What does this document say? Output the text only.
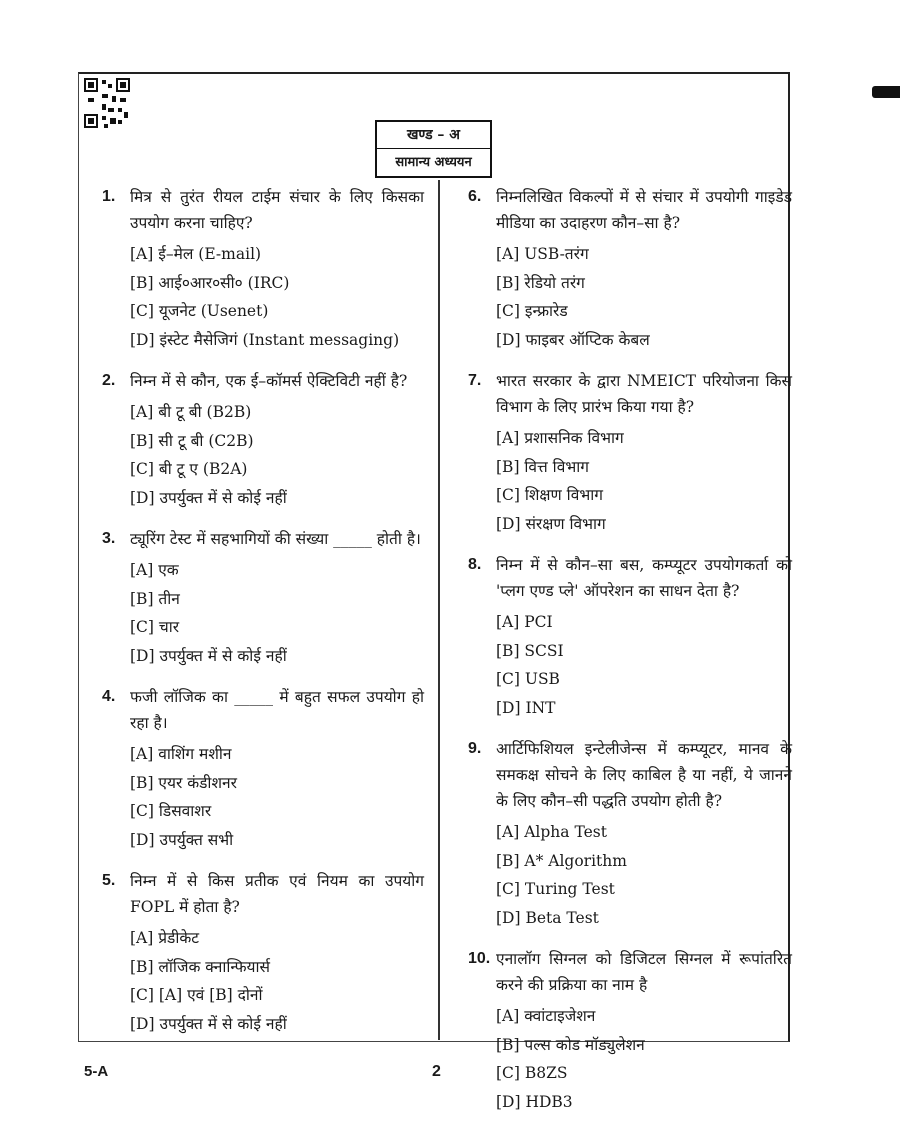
खण्ड – अ
सामान्य अध्ययन
1. मित्र से तुरंत रीयल टाईम संचार के लिए किसका उपयोग करना चाहिए?
[A] ई–मेल (E-mail)
[B] आई०आर०सी० (IRC)
[C] यूजनेट (Usenet)
[D] इंस्टेट मैसेजिगं (Instant messaging)
2. निम्न में से कौन, एक ई–कॉमर्स ऐक्टिविटी नहीं है?
[A] बी टू बी (B2B)
[B] सी टू बी (C2B)
[C] बी टू ए (B2A)
[D] उपर्युक्त में से कोई नहीं
3. ट्यूरिंग टेस्ट में सहभागियों की संख्या _____ होती है।
[A] एक
[B] तीन
[C] चार
[D] उपर्युक्त में से कोई नहीं
4. फजी लॉजिक का _____ में बहुत सफल उपयोग हो रहा है।
[A] वाशिंग मशीन
[B] एयर कंडीशनर
[C] डिसवाशर
[D] उपर्युक्त सभी
5. निम्न में से किस प्रतीक एवं नियम का उपयोग FOPL में होता है?
[A] प्रेडीकेट
[B] लॉजिक क्नान्फियार्स
[C] [A] एवं [B] दोनों
[D] उपर्युक्त में से कोई नहीं
6. निम्नलिखित विकल्पों में से संचार में उपयोगी गाइडेड मीडिया का उदाहरण कौन–सा है?
[A] USB-तरंग
[B] रेडियो तरंग
[C] इन्फ्रारेड
[D] फाइबर ऑप्टिक केबल
7. भारत सरकार के द्वारा NMEICT परियोजना किस विभाग के लिए प्रारंभ किया गया है?
[A] प्रशासनिक विभाग
[B] वित्त विभाग
[C] शिक्षण विभाग
[D] संरक्षण विभाग
8. निम्न में से कौन–सा बस, कम्प्यूटर उपयोगकर्ता को 'प्लग एण्ड प्ले' ऑपरेशन का साधन देता है?
[A] PCI
[B] SCSI
[C] USB
[D] INT
9. आर्टिफिशियल इन्टेलीजेन्स में कम्प्यूटर, मानव के समकक्ष सोचने के लिए काबिल है या नहीं, ये जानने के लिए कौन–सी पद्धति उपयोग होती है?
[A] Alpha Test
[B] A* Algorithm
[C] Turing Test
[D] Beta Test
10. एनालॉग सिग्नल को डिजिटल सिग्नल में रूपांतरित करने की प्रक्रिया का नाम है
[A] क्वांटाइजेशन
[B] पल्स कोड मॉड्युलेशन
[C] B8ZS
[D] HDB3
5-A	2
